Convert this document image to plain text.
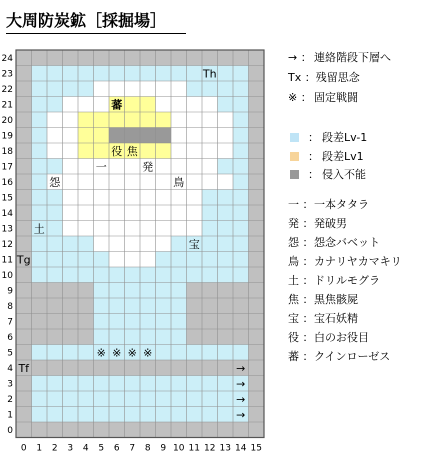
大周防炭鉱［採掘場］
0 1 2 3 4 5 6 7 8 9 10 11 12 13 14 15
0
1
2
3
4
5
6
7
8
9
10
11
12
13
14
15
16
17
18
19
20
21
22
23
24
Th
蕃
役 焦
一	発
怨	鳥
土
宝
Tg
※ ※ ※ ※
Tf	→
→
→
→
→ ： 連絡階段下層へ
Tx ： 残留思念
※ ： 固定戦闘
： 段差Lv-1
： 段差Lv1
： 侵入不能
一 ： 一本タタラ
発 ： 発破男
怨 ： 怨念バベット
鳥 ： カナリヤカマキリ
土 ： ドリルモグラ
焦 ： 黒焦骸屍
宝 ： 宝石妖精
役 ： 白のお役目
蕃 ： クインローゼス
